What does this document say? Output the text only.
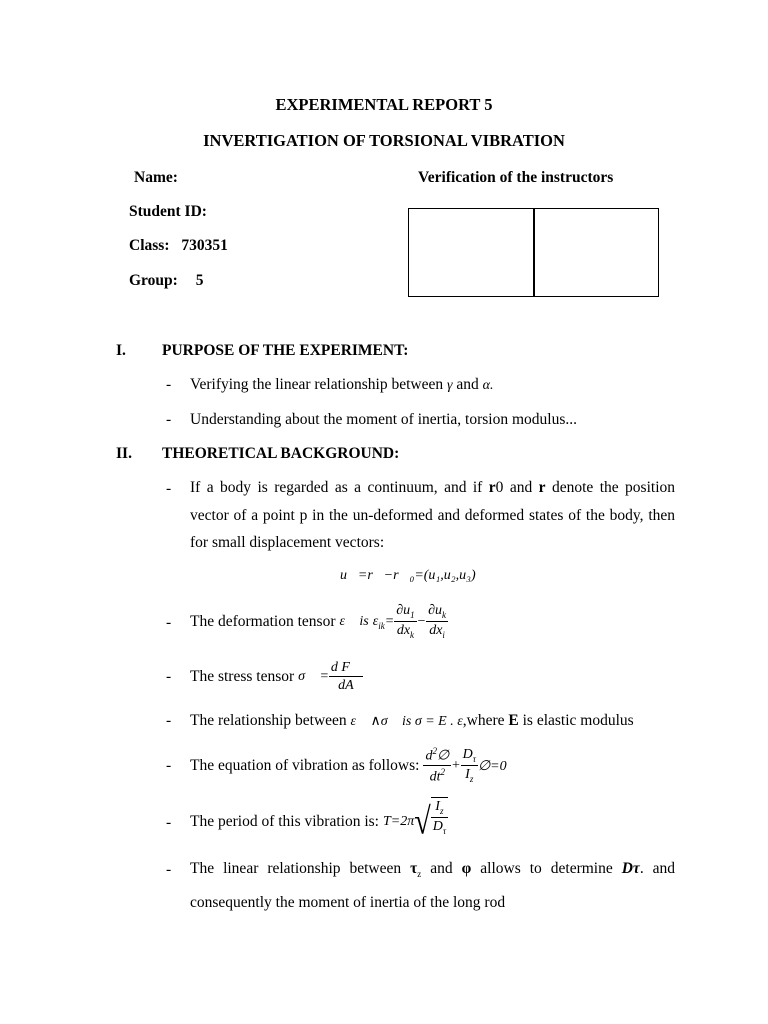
EXPERIMENTAL REPORT 5
INVERTIGATION OF TORSIONAL VIBRATION
Name:	Verification of the instructors
Student ID:
Class: 730351
Group: 5
I. PURPOSE OF THE EXPERIMENT:
- Verifying the linear relationship between γ and α.
- Understanding about the moment of inertia, torsion modulus...
II. THEORETICAL BACKGROUND:
- If a body is regarded as a continuum, and if r0 and r denote the position vector of a point p in the un-deformed and deformed states of the body, then for small displacement vectors:
u⃗=r⃗−r⃗₀=(u₁,u₂,u₃)
- The deformation tensor ε⃗ is $\varepsilon_{ik}= \frac{\partial u_1}{dx_k} - \frac{\partial u_k}{dx_i}$
- The stress tensor σ⃗ = $\frac{\text{d F⃗}}{dA}$
- The relationship between ε⃗ ∧σ⃗ is σ = E . ε,where E is elastic modulus
- The equation of vibration as follows: $\frac{d^2\emptyset}{dt^2} + \frac{D_\tau}{I_z}$ ∅=0
- The period of this vibration is: T=2π √ $\frac{I_z}{D_\tau}$
- The linear relationship between $\tau_z$ and φ allows to determine Dτ. and consequently the moment of inertia of the long rod
